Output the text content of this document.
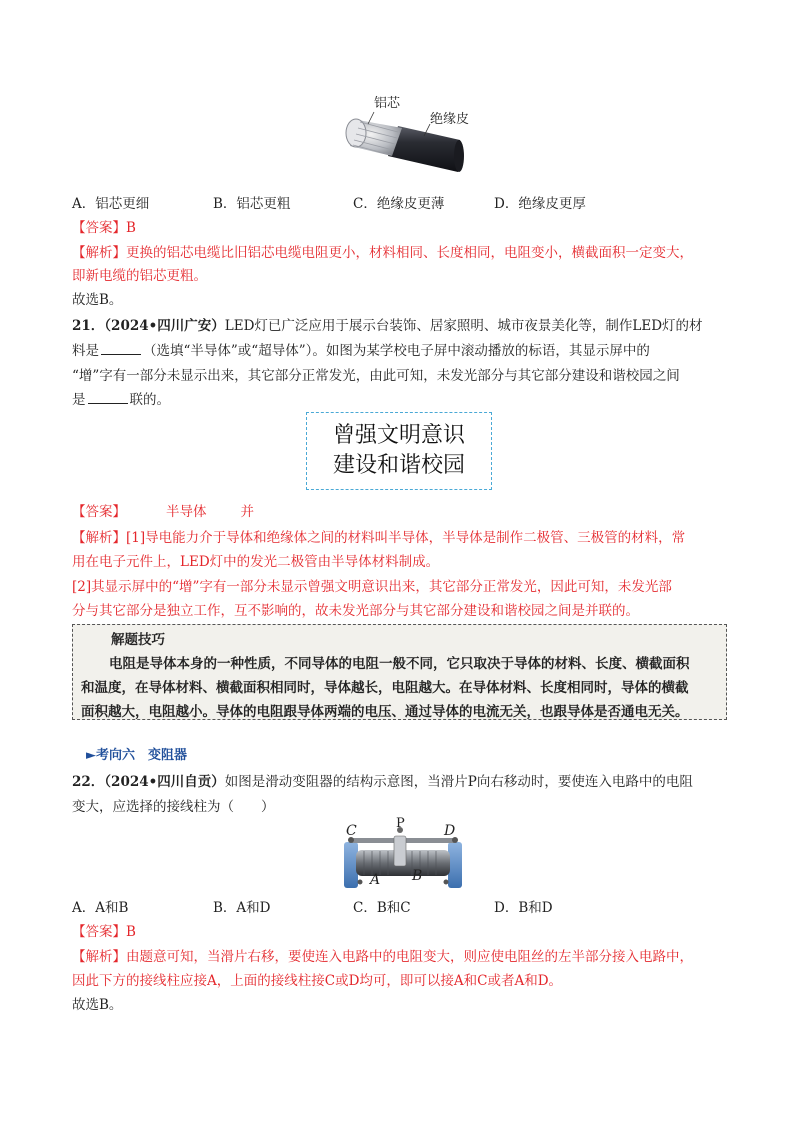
铝芯
绝缘皮
A．铝芯更细	B．铝芯更粗	C．绝缘皮更薄	D．绝缘皮更厚
【答案】B
【解析】更换的铝芯电缆比旧铝芯电缆电阻更小，材料相同、长度相同，电阻变小，横截面积一定变大，
即新电缆的铝芯更粗。
故选B。
21．（2024•四川广安）LED灯已广泛应用于展示台装饰、居家照明、城市夜景美化等，制作LED灯的材
料是	（选填“半导体”或“超导体”）。如图为某学校电子屏中滚动播放的标语，其显示屏中的
“增”字有一部分未显示出来，其它部分正常发光，由此可知，未发光部分与其它部分建设和谐校园之间
是	联的。
曾强文明意识
建设和谐校园
【答案】	半导体	并
【解析】[1]导电能力介于导体和绝缘体之间的材料叫半导体，半导体是制作二极管、三极管的材料，常
用在电子元件上，LED灯中的发光二极管由半导体材料制成。
[2]其显示屏中的“增”字有一部分未显示曾强文明意识出来，其它部分正常发光，因此可知，未发光部
分与其它部分是独立工作，互不影响的，故未发光部分与其它部分建设和谐校园之间是并联的。
解题技巧
电阻是导体本身的一种性质，不同导体的电阻一般不同，它只取决于导体的材料、长度、横截面积
和温度，在导体材料、横截面积相同时，导体越长，电阻越大。在导体材料、长度相同时，导体的横截
面积越大，电阻越小。导体的电阻跟导体两端的电压、通过导体的电流无关，也跟导体是否通电无关。
►考向六　变阻器
22．（2024•四川自贡）如图是滑动变阻器的结构示意图，当滑片P向右移动时，要使连入电路中的电阻
变大，应选择的接线柱为（　　）
C	P	D
A B
A．A和B	B．A和D	C．B和C	D．B和D
【答案】B
【解析】由题意可知，当滑片右移，要使连入电路中的电阻变大，则应使电阻丝的左半部分接入电路中，
因此下方的接线柱应接A，上面的接线柱接C或D均可，即可以接A和C或者A和D。
故选B。
